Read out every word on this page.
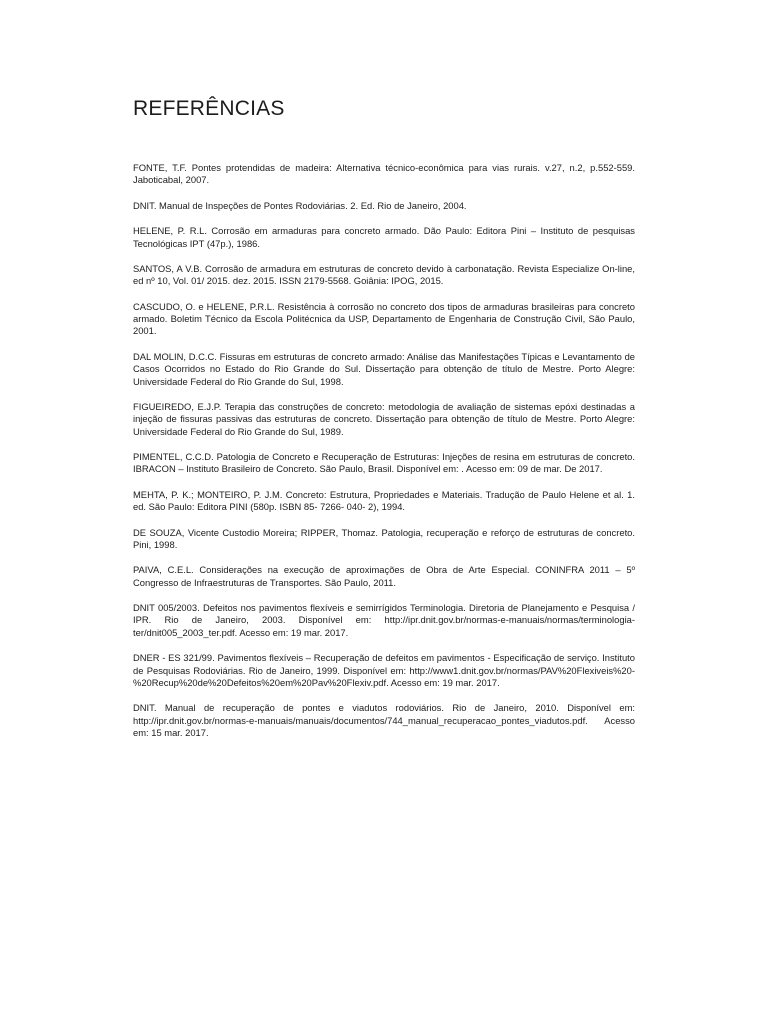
REFERÊNCIAS
FONTE, T.F. Pontes protendidas de madeira: Alternativa técnico-econômica para vias rurais. v.27, n.2, p.552-559. Jaboticabal, 2007.
DNIT. Manual de Inspeções de Pontes Rodoviárias. 2. Ed. Rio de Janeiro, 2004.
HELENE, P. R.L. Corrosão em armaduras para concreto armado. Dão Paulo: Editora Pini – Instituto de pesquisas Tecnológicas IPT (47p.), 1986.
SANTOS, A V.B. Corrosão de armadura em estruturas de concreto devido à carbonatação. Revista Especialize On-line, ed nº 10, Vol. 01/ 2015. dez. 2015. ISSN 2179-5568. Goiânia: IPOG, 2015.
CASCUDO, O. e HELENE, P.R.L. Resistência à corrosão no concreto dos tipos de armaduras brasileiras para concreto armado. Boletim Técnico da Escola Politécnica da USP, Departamento de Engenharia de Construção Civil, São Paulo, 2001.
DAL MOLIN, D.C.C. Fissuras em estruturas de concreto armado: Análise das Manifestações Típicas e Levantamento de Casos Ocorridos no Estado do Rio Grande do Sul. Dissertação para obtenção de título de Mestre. Porto Alegre: Universidade Federal do Rio Grande do Sul, 1998.
FIGUEIREDO, E.J.P. Terapia das construções de concreto: metodologia de avaliação de sistemas epóxi destinadas a injeção de fissuras passivas das estruturas de concreto. Dissertação para obtenção de título de Mestre. Porto Alegre: Universidade Federal do Rio Grande do Sul, 1989.
PIMENTEL, C.C.D. Patologia de Concreto e Recuperação de Estruturas: Injeções de resina em estruturas de concreto. IBRACON – Instituto Brasileiro de Concreto. São Paulo, Brasil. Disponível em: . Acesso em: 09 de mar. De 2017.
MEHTA, P. K.; MONTEIRO, P. J.M. Concreto: Estrutura, Propriedades e Materiais. Tradução de Paulo Helene et al. 1. ed. São Paulo: Editora PINI (580p. ISBN 85- 7266- 040- 2), 1994.
DE SOUZA, Vicente Custodio Moreira; RIPPER, Thomaz. Patologia, recuperação e reforço de estruturas de concreto. Pini, 1998.
PAIVA, C.E.L. Considerações na execução de aproximações de Obra de Arte Especial. CONINFRA 2011 – 5º Congresso de Infraestruturas de Transportes. São Paulo, 2011.
DNIT 005/2003. Defeitos nos pavimentos flexíveis e semirrígidos Terminologia. Diretoria de Planejamento e Pesquisa / IPR. Rio de Janeiro, 2003. Disponível em: http://ipr.dnit.gov.br/normas-e-manuais/normas/terminologia-ter/dnit005_2003_ter.pdf. Acesso em: 19 mar. 2017.
DNER - ES 321/99. Pavimentos flexíveis – Recuperação de defeitos em pavimentos - Especificação de serviço. Instituto de Pesquisas Rodoviárias. Rio de Janeiro, 1999. Disponível em: http://www1.dnit.gov.br/normas/PAV%20Flexiveis%20-%20Recup%20de%20Defeitos%20em%20Pav%20Flexiv.pdf. Acesso em: 19 mar. 2017.
DNIT. Manual de recuperação de pontes e viadutos rodoviários. Rio de Janeiro, 2010. Disponível em: http://ipr.dnit.gov.br/normas-e-manuais/manuais/documentos/744_manual_recuperacao_pontes_viadutos.pdf. Acesso em: 15 mar. 2017.
